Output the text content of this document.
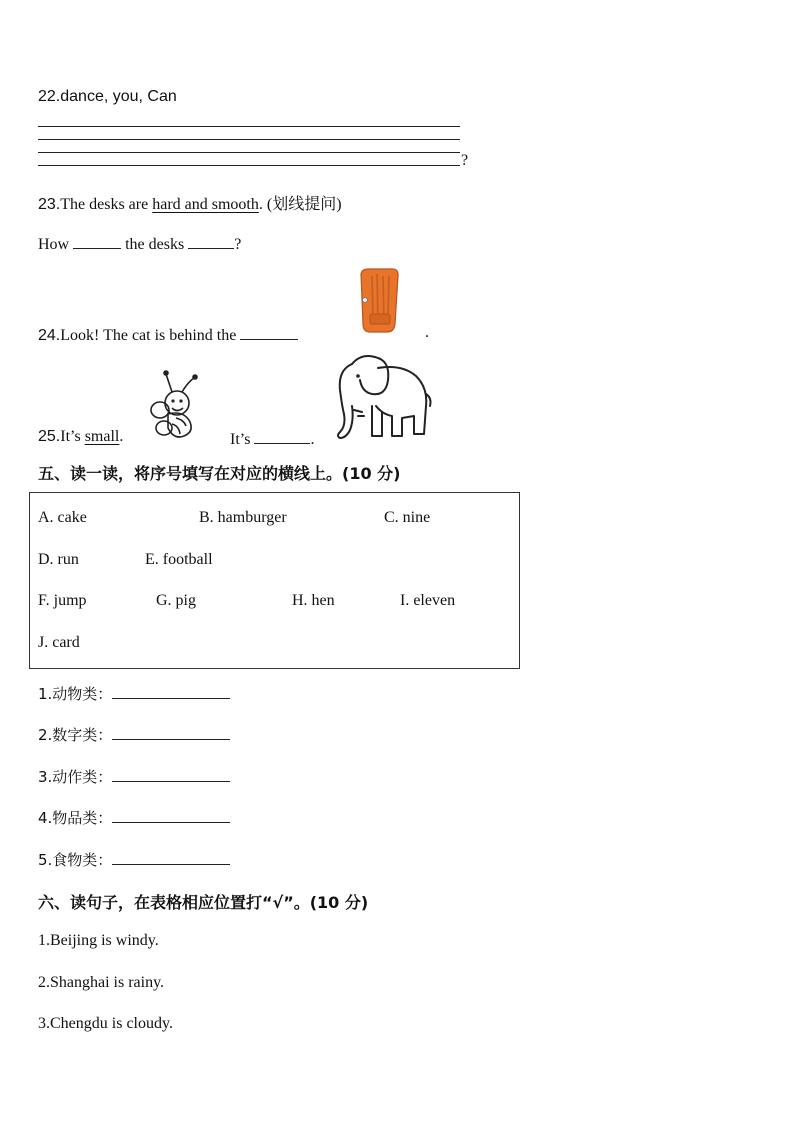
22.dance, you, Can
?
23.The desks are hard and smooth. (划线提问)
How	the desks	?
24.Look! The cat is behind the	.
25.It’s small.	It’s	.
五、读一读，将序号填写在对应的横线上。(10 分)
A. cake	B. hamburger	C. nine
D. run	E. football
F. jump	G. pig	H. hen	I. eleven
J. card
1.动物类：
2.数字类：
3.动作类：
4.物品类：
5.食物类：
六、读句子，在表格相应位置打“√”。(10 分)
1.Beijing is windy.
2.Shanghai is rainy.
3.Chengdu is cloudy.
